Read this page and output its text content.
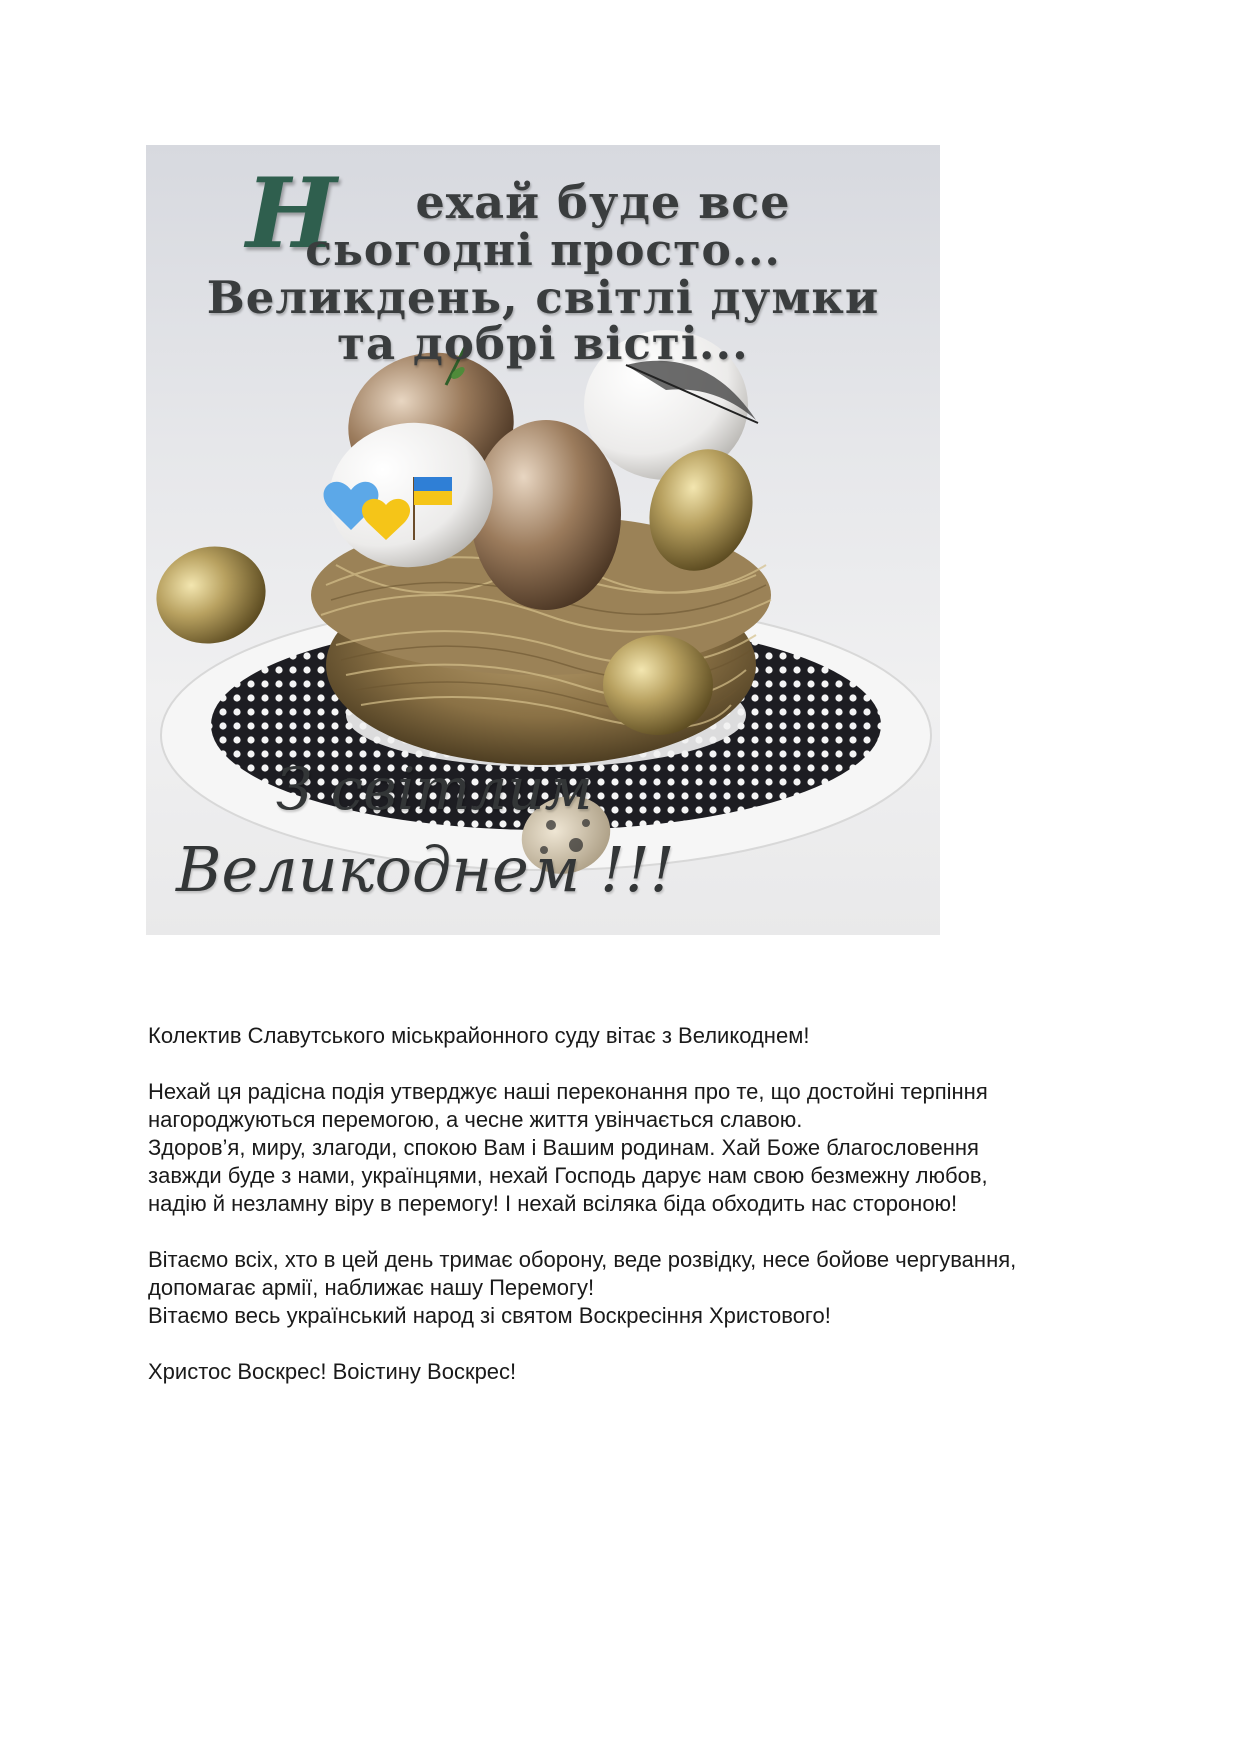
Н	ехай буде все
сьогодні просто...
Великдень, світлі думки
та добрі вісті...
З світлим
Великоднем !!!

Колектив Славутського міськрайонного суду вітає з Великоднем!

Нехай ця радісна подія утверджує наші переконання про те, що достойні терпіння
нагороджуються перемогою, а чесне життя увінчається славою.
Здоров’я, миру, злагоди, спокою Вам і Вашим родинам. Хай Боже благословення
завжди буде з нами, українцями, нехай Господь дарує нам свою безмежну любов,
надію й незламну віру в перемогу! І нехай всіляка біда обходить нас стороною!

Вітаємо всіх, хто в цей день тримає оборону, веде розвідку, несе бойове чергування,
допомагає армії, наближає нашу Перемогу!
Вітаємо весь український народ зі святом Воскресіння Христового!

Христос Воскрес! Воістину Воскрес!
